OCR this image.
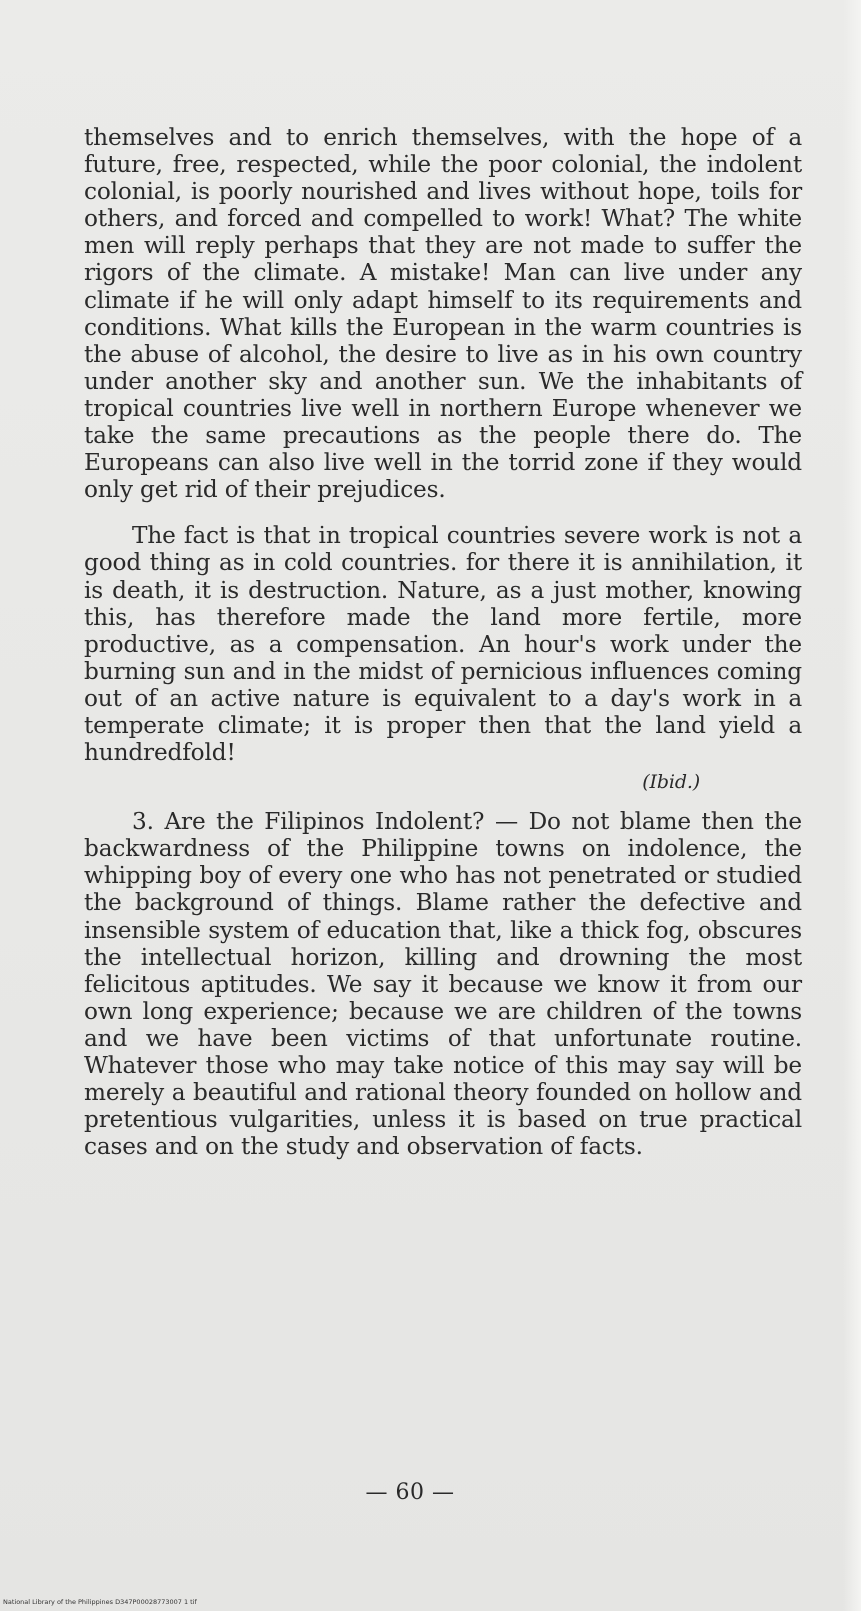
themselves and to enrich themselves, with the hope of a future, free, respected, while the poor colonial, the indolent colonial, is poorly nourished and lives without hope, toils for others, and forced and compelled to work! What? The white men will reply perhaps that they are not made to suffer the rigors of the climate. A mistake! Man can live under any climate if he will only adapt himself to its requirements and conditions. What kills the European in the warm countries is the abuse of alcohol, the desire to live as in his own country under another sky and another sun. We the inhabitants of tropical countries live well in northern Europe whenever we take the same precautions as the people there do. The Europeans can also live well in the torrid zone if they would only get rid of their prejudices.

The fact is that in tropical countries severe work is not a good thing as in cold countries. for there it is annihilation, it is death, it is destruction. Nature, as a just mother, knowing this, has therefore made the land more fertile, more productive, as a compensation. An hour's work under the burning sun and in the midst of pernicious influences coming out of an active nature is equivalent to a day's work in a temperate climate; it is proper then that the land yield a hundredfold!

(Ibid.)

3. Are the Filipinos Indolent? — Do not blame then the backwardness of the Philippine towns on indolence, the whipping boy of every one who has not penetrated or studied the background of things. Blame rather the defective and insensible system of education that, like a thick fog, obscures the intellectual horizon, killing and drowning the most felicitous aptitudes. We say it because we know it from our own long experience; because we are children of the towns and we have been victims of that unfortunate routine. Whatever those who may take notice of this may say will be merely a beautiful and rational theory founded on hollow and pretentious vulgarities, unless it is based on true practical cases and on the study and observation of facts.

— 60 —
National Library of the Philippines D347P00028773007 1 tif
